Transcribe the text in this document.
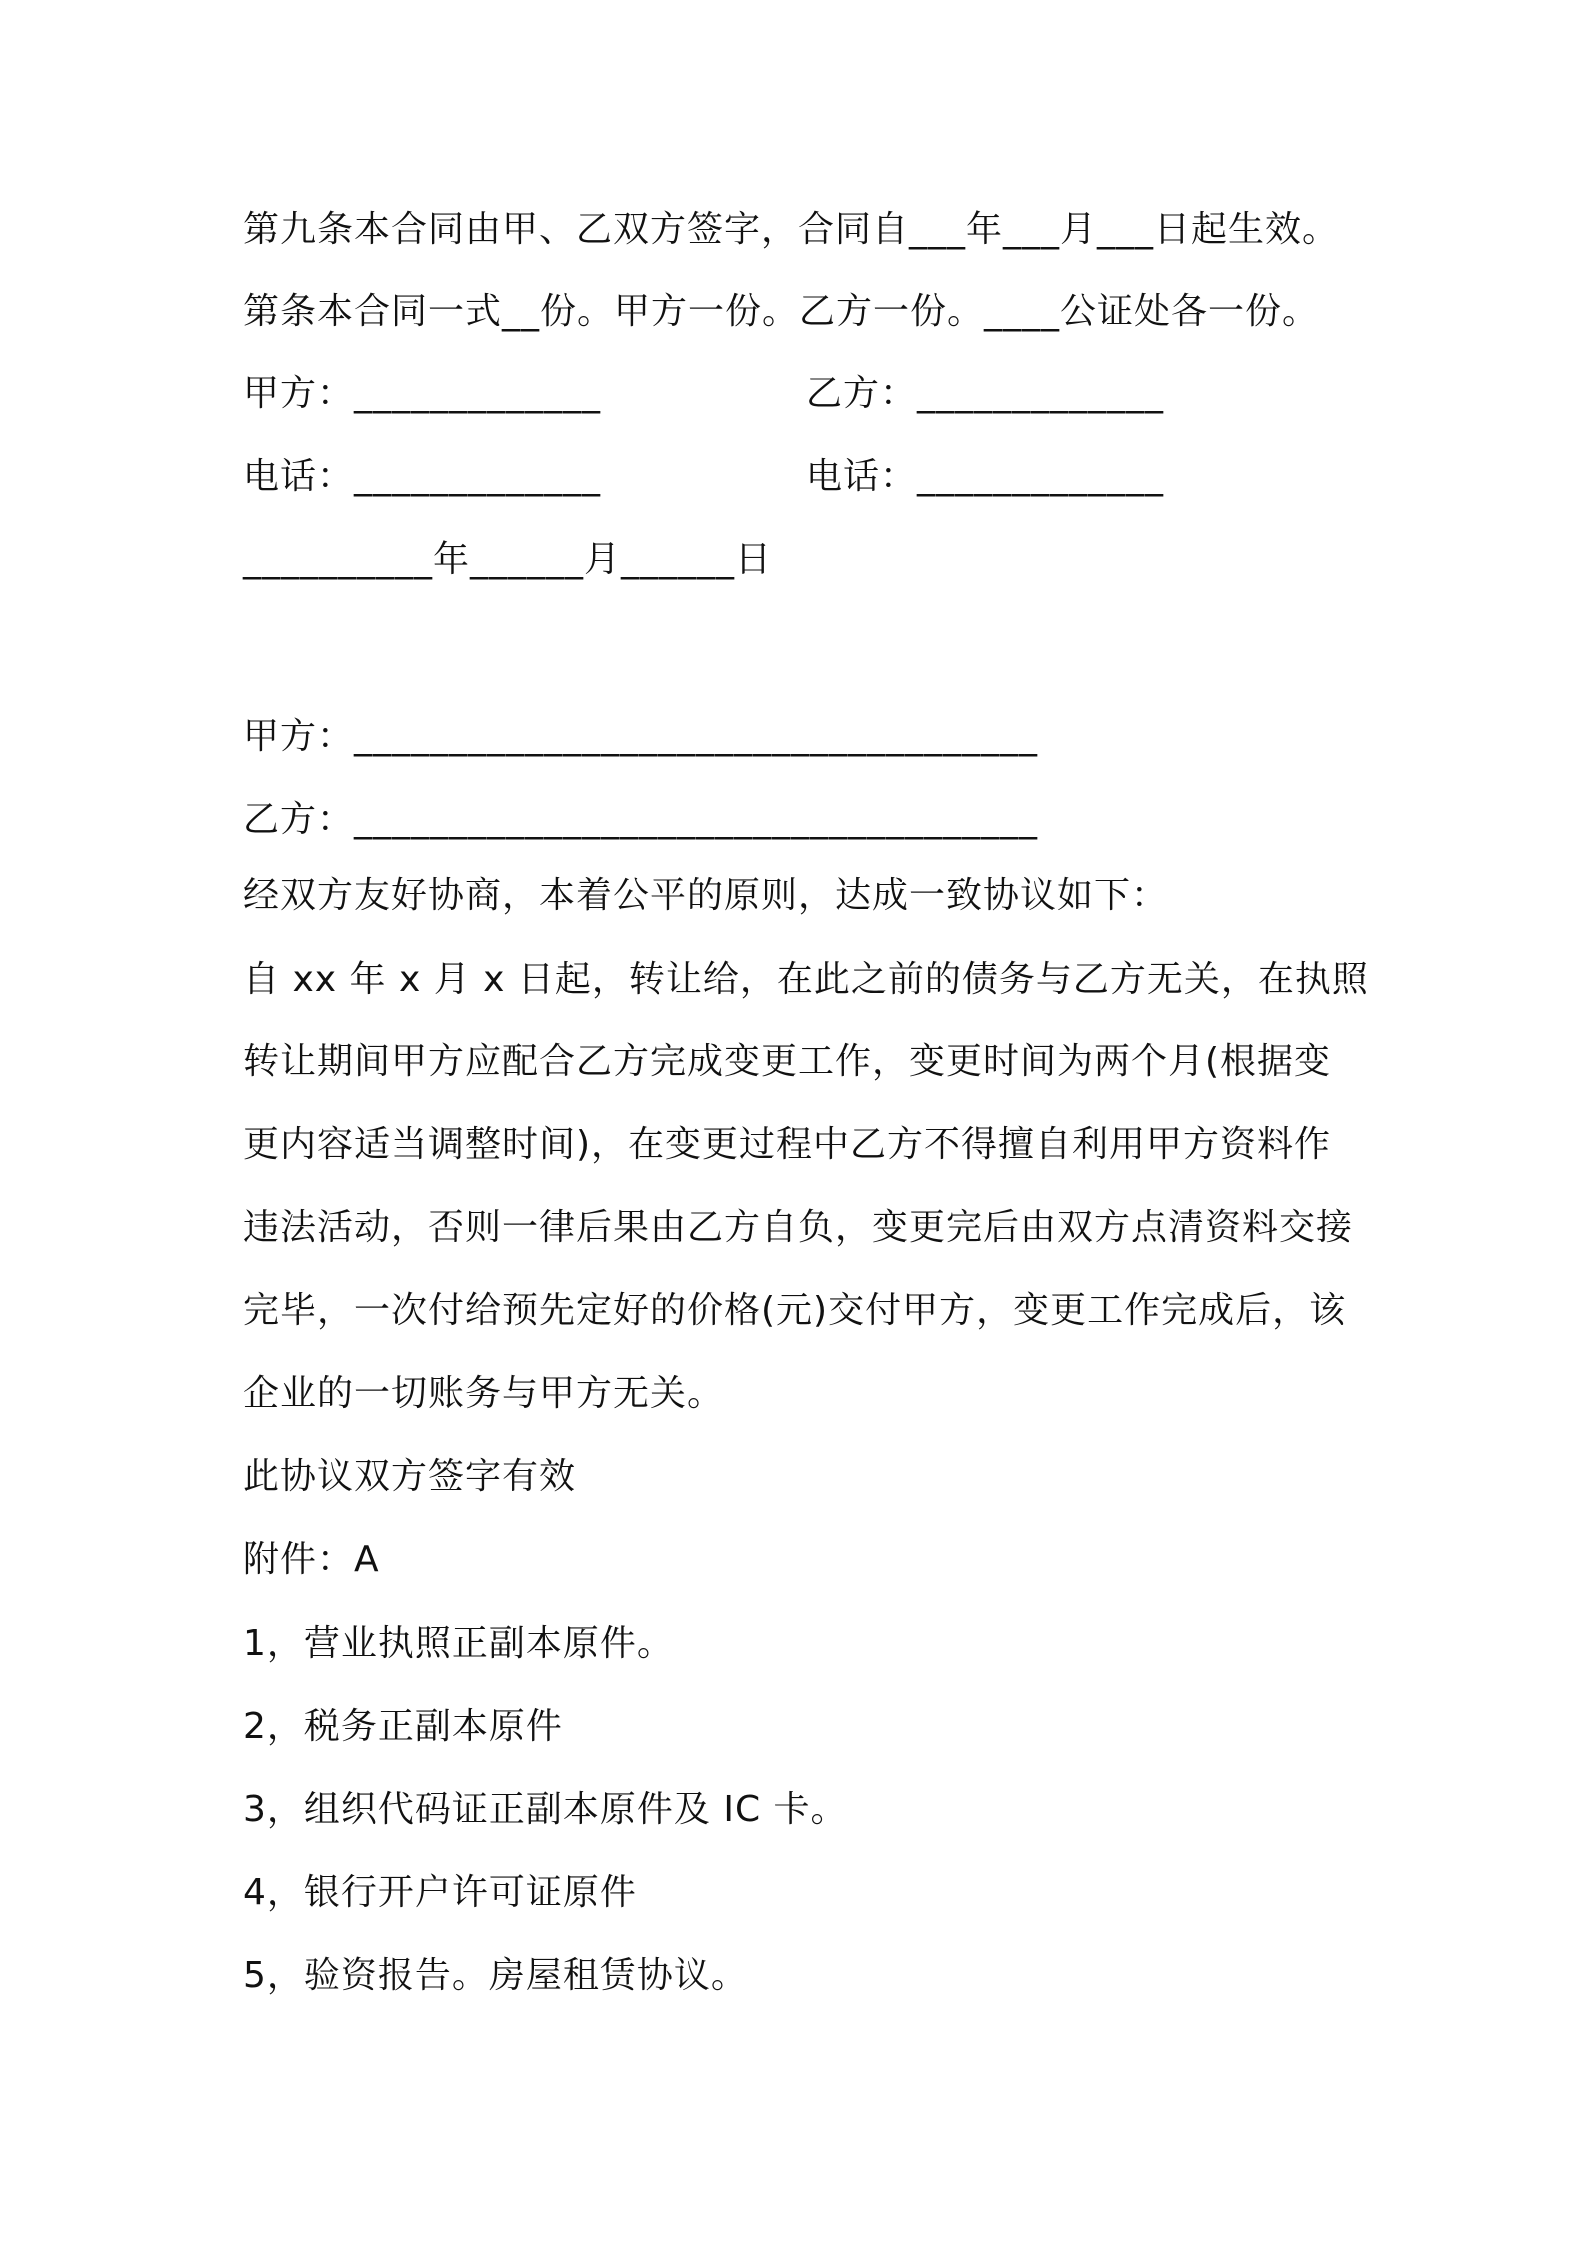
第九条本合同由甲、乙双方签字，合同自___年___月___日起生效。
第条本合同一式__份。甲方一份。乙方一份。____公证处各一份。
甲方：_____________	乙方：_____________
电话：_____________	电话：_____________
__________年______月______日
甲方：____________________________________
乙方：____________________________________
经双方友好协商，本着公平的原则，达成一致协议如下：
自 xx 年 x 月 x 日起，转让给，在此之前的债务与乙方无关，在执照
转让期间甲方应配合乙方完成变更工作，变更时间为两个月(根据变
更内容适当调整时间)，在变更过程中乙方不得擅自利用甲方资料作
违法活动，否则一律后果由乙方自负，变更完后由双方点清资料交接
完毕，一次付给预先定好的价格(元)交付甲方，变更工作完成后，该
企业的一切账务与甲方无关。
此协议双方签字有效
附件：A
1，营业执照正副本原件。
2，税务正副本原件
3，组织代码证正副本原件及 IC 卡。
4，银行开户许可证原件
5，验资报告。房屋租赁协议。
